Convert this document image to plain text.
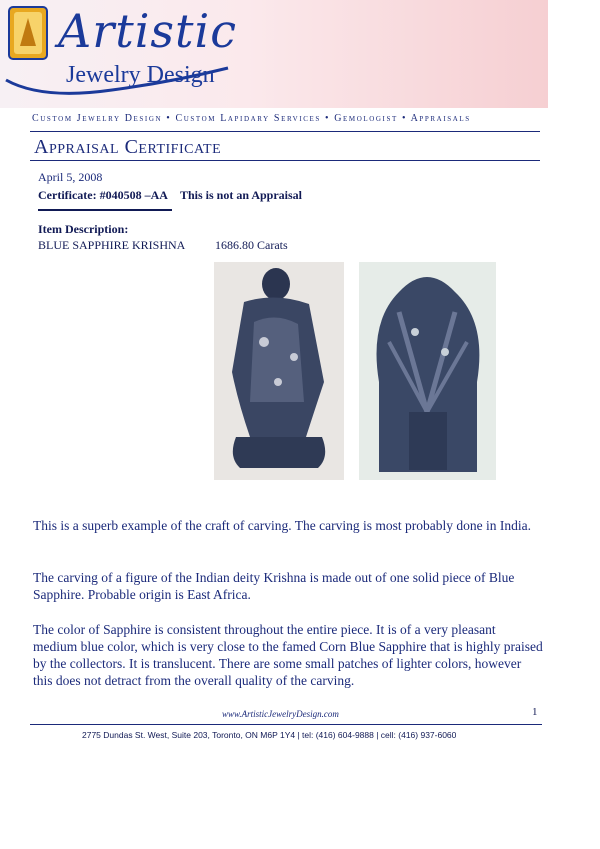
Artistic
Jewelry Design
Custom Jewelry Design • Custom Lapidary Services • Gemologist • Appraisals
Appraisal Certificate
April 5, 2008
Certificate: #040508 –AA This is not an Appraisal
Item Description:
BLUE SAPPHIRE KRISHNA 1686.80 Carats

This is a superb example of the craft of carving. The carving is most probably done in India.

The carving of a figure of the Indian deity Krishna is made out of one solid piece of Blue Sapphire. Probable origin is East Africa.

The color of Sapphire is consistent throughout the entire piece. It is of a very pleasant medium blue color, which is very close to the famed Corn Blue Sapphire that is highly praised by the collectors. It is translucent. There are some small patches of lighter colors, however this does not detract from the overall quality of the carving.

www.ArtisticJewelryDesign.com	1
2775 Dundas St. West, Suite 203, Toronto, ON M6P 1Y4 | tel: (416) 604-9888 | cell: (416) 937-6060
